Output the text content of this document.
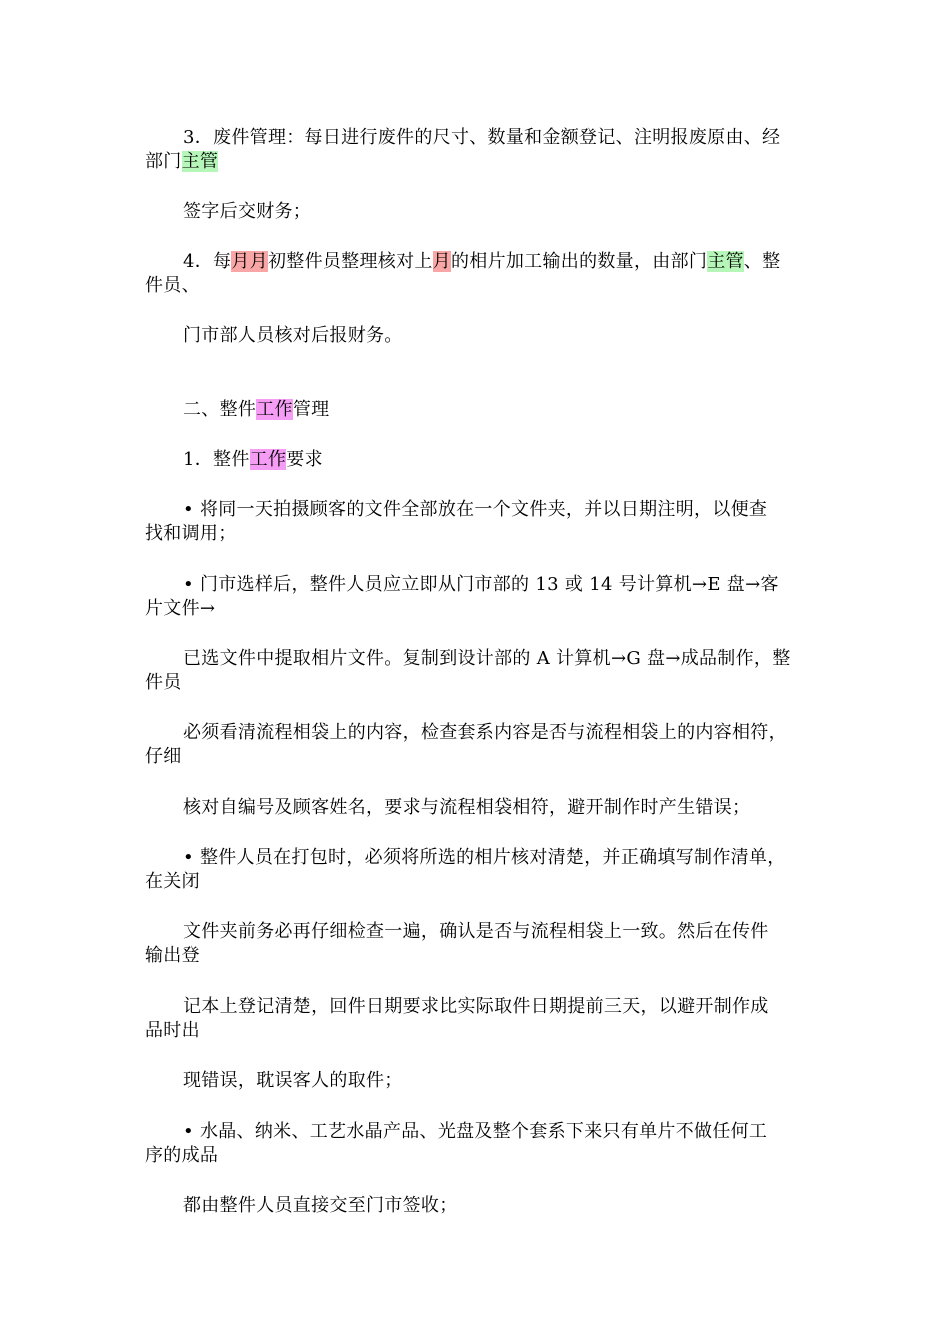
3．废件管理：每日进行废件的尺寸、数量和金额登记、注明报废原由、经
部门主管
签字后交财务；
4．每月月初整件员整理核对上月的相片加工输出的数量，由部门主管、整
件员、
门市部人员核对后报财务。
二、整件工作管理
1．整件工作要求
• 将同一天拍摄顾客的文件全部放在一个文件夹，并以日期注明，以便查
找和调用；
• 门市选样后，整件人员应立即从门市部的 13 或 14 号计算机→E 盘→客
片文件→
已选文件中提取相片文件。复制到设计部的 A 计算机→G 盘→成品制作，整
件员
必须看清流程相袋上的内容，检查套系内容是否与流程相袋上的内容相符，
仔细
核对自编号及顾客姓名，要求与流程相袋相符，避开制作时产生错误；
• 整件人员在打包时，必须将所选的相片核对清楚，并正确填写制作清单，
在关闭
文件夹前务必再仔细检查一遍，确认是否与流程相袋上一致。然后在传件
输出登
记本上登记清楚，回件日期要求比实际取件日期提前三天，以避开制作成
品时出
现错误，耽误客人的取件；
• 水晶、纳米、工艺水晶产品、光盘及整个套系下来只有单片不做任何工
序的成品
都由整件人员直接交至门市签收；
